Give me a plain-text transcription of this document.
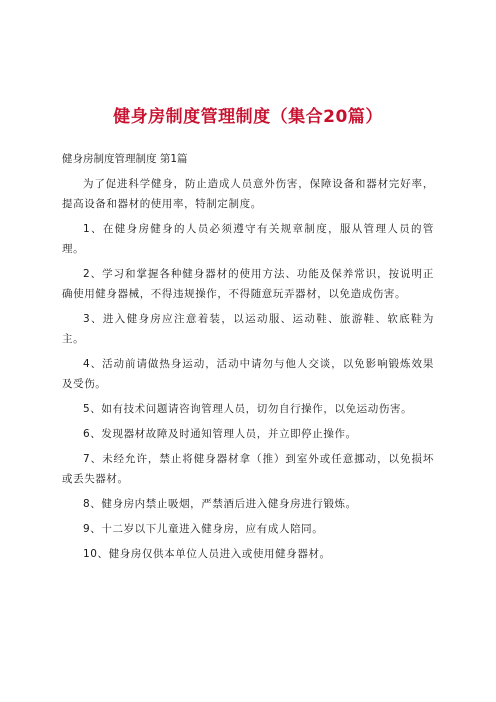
健身房制度管理制度（集合20篇）

健身房制度管理制度 第1篇

为了促进科学健身，防止造成人员意外伤害，保障设备和器材完好率，提高设备和器材的使用率，特制定制度。

1、在健身房健身的人员必须遵守有关规章制度，服从管理人员的管理。

2、学习和掌握各种健身器材的使用方法、功能及保养常识，按说明正确使用健身器械，不得违规操作，不得随意玩弄器材，以免造成伤害。

3、进入健身房应注意着装，以运动服、运动鞋、旅游鞋、软底鞋为主。

4、活动前请做热身运动，活动中请勿与他人交谈，以免影响锻炼效果及受伤。

5、如有技术问题请咨询管理人员，切勿自行操作，以免运动伤害。

6、发现器材故障及时通知管理人员，并立即停止操作。

7、未经允许，禁止将健身器材拿（推）到室外或任意挪动，以免损坏或丢失器材。

8、健身房内禁止吸烟，严禁酒后进入健身房进行锻炼。

9、十二岁以下儿童进入健身房，应有成人陪同。

10、健身房仅供本单位人员进入或使用健身器材。
